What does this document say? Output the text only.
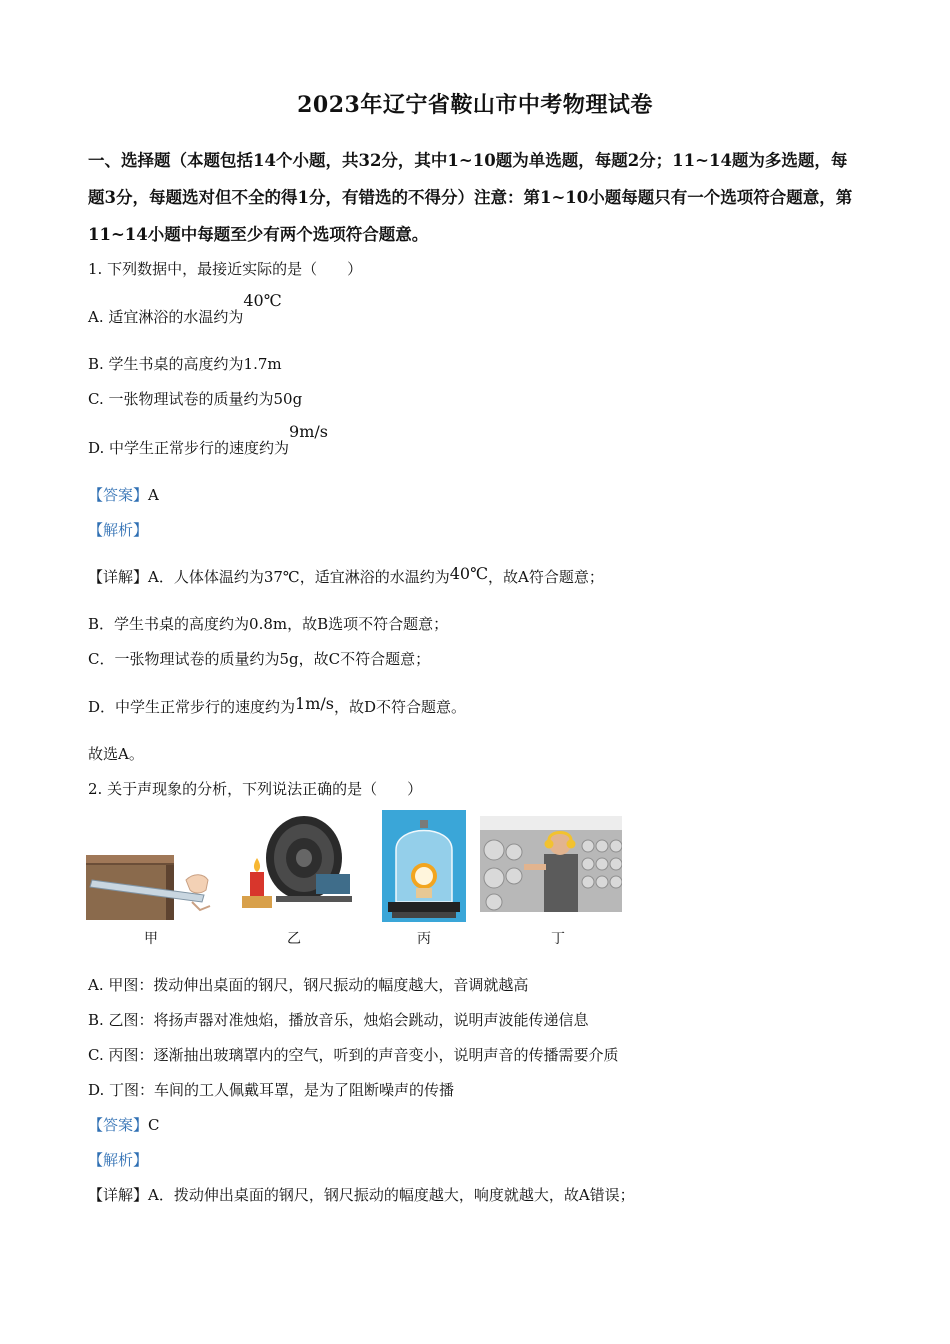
2023年辽宁省鞍山市中考物理试卷
一、选择题（本题包括14个小题，共32分，其中1~10题为单选题，每题2分；11~14题为多选题，每题3分，每题选对但不全的得1分，有错选的不得分）注意：第1~10小题每题只有一个选项符合题意，第11~14小题中每题至少有两个选项符合题意。
1. 下列数据中，最接近实际的是（　　）
A. 适宜淋浴的水温约为40℃
B. 学生书桌的高度约为1.7m
C. 一张物理试卷的质量约为50g
D. 中学生正常步行的速度约为9m/s
【答案】A
【解析】
【详解】A．人体体温约为37℃，适宜淋浴的水温约为40℃，故A符合题意；
B．学生书桌的高度约为0.8m，故B选项不符合题意；
C．一张物理试卷的质量约为5g，故C不符合题意；
D．中学生正常步行的速度约为1m/s，故D不符合题意。
故选A。
2. 关于声现象的分析，下列说法正确的是（　　）
甲	乙	丙	丁
A. 甲图：拨动伸出桌面的钢尺，钢尺振动的幅度越大，音调就越高
B. 乙图：将扬声器对准烛焰，播放音乐，烛焰会跳动，说明声波能传递信息
C. 丙图：逐渐抽出玻璃罩内的空气，听到的声音变小，说明声音的传播需要介质
D. 丁图：车间的工人佩戴耳罩，是为了阻断噪声的传播
【答案】C
【解析】
【详解】A．拨动伸出桌面的钢尺，钢尺振动的幅度越大，响度就越大，故A错误；
